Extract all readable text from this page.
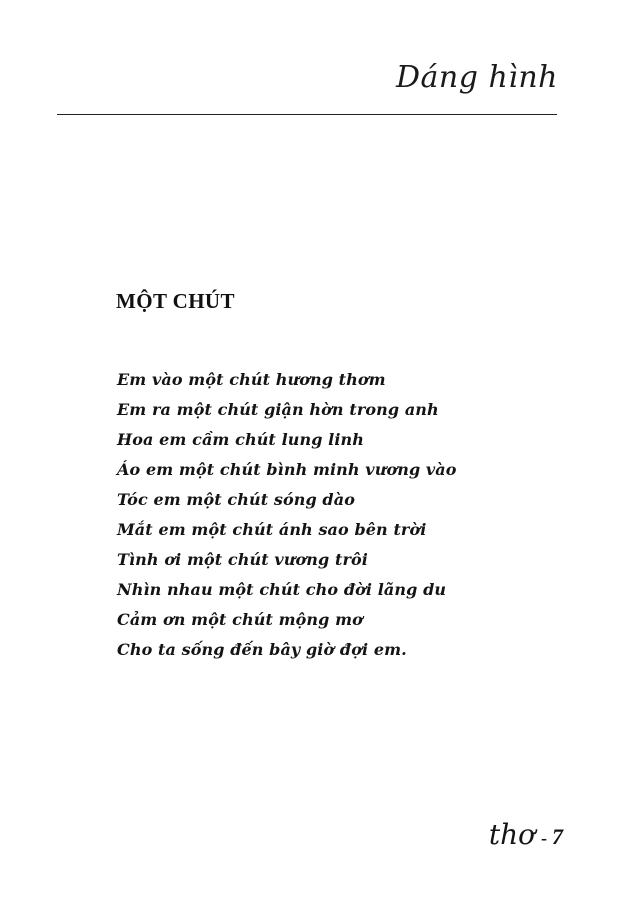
Dáng hình
MỘT CHÚT
Em vào một chút hương thơm
Em ra một chút giận hờn trong anh
Hoa em cầm chút lung linh
Áo em một chút bình minh vương vào
Tóc em một chút sóng dào
Mắt em một chút ánh sao bên trời
Tình ơi một chút vương trôi
Nhìn nhau một chút cho đời lãng du
Cảm ơn một chút mộng mơ
Cho ta sống đến bây giờ đợi em.
thơ - 7
